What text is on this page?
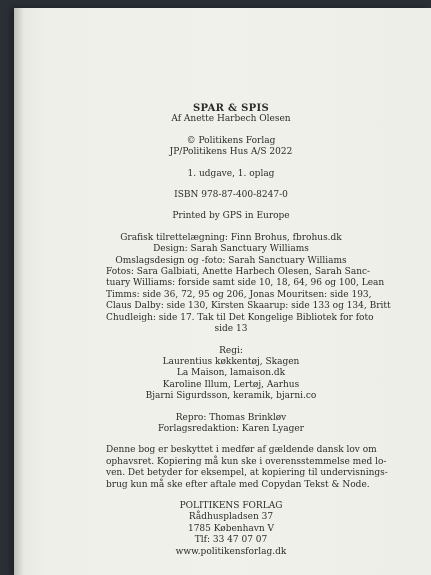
SPAR & SPIS
Af Anette Harbech Olesen
© Politikens Forlag
JP/Politikens Hus A/S 2022
1. udgave, 1. oplag
ISBN 978-87-400-8247-0
Printed by GPS in Europe
Grafisk tilrettelægning: Finn Brohus, fbrohus.dk
Design: Sarah Sanctuary Williams
Omslagsdesign og -foto: Sarah Sanctuary Williams
Fotos: Sara Galbiati, Anette Harbech Olesen, Sarah Sanc-
tuary Williams: forside samt side 10, 18, 64, 96 og 100, Lean
Timms: side 36, 72, 95 og 206, Jonas Mouritsen: side 193,
Claus Dalby: side 130, Kirsten Skaarup: side 133 og 134, Britt
Chudleigh: side 17. Tak til Det Kongelige Bibliotek for foto
side 13
Regi:
Laurentius køkkentøj, Skagen
La Maison, lamaison.dk
Karoline Illum, Lertøj, Aarhus
Bjarni Sigurdsson, keramik, bjarni.co
Repro: Thomas Brinkløv
Forlagsredaktion: Karen Lyager
Denne bog er beskyttet i medfør af gældende dansk lov om
ophavsret. Kopiering må kun ske i overensstemmelse med lo-
ven. Det betyder for eksempel, at kopiering til undervisnings-
brug kun må ske efter aftale med Copydan Tekst & Node.
POLITIKENS FORLAG
Rådhuspladsen 37
1785 København V
Tlf: 33 47 07 07
www.politikensforlag.dk
